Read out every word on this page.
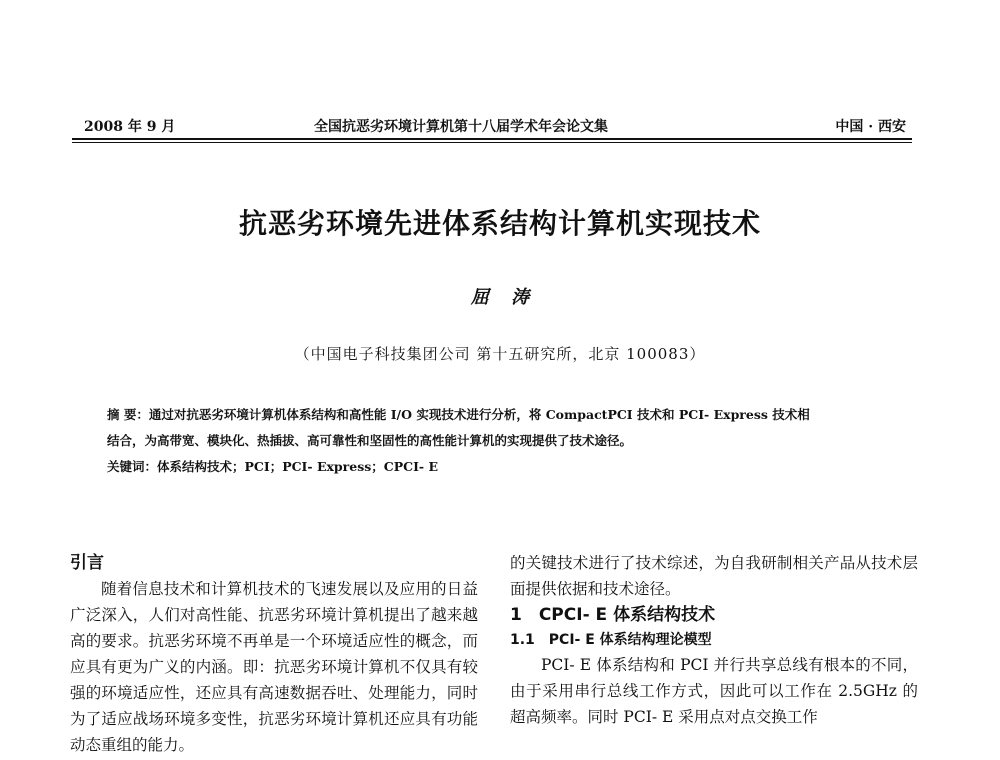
2008 年 9 月	全国抗恶劣环境计算机第十八届学术年会论文集	中国 · 西安
抗恶劣环境先进体系结构计算机实现技术
屈 涛
（中国电子科技集团公司 第十五研究所，北京 100083）

摘 要：通过对抗恶劣环境计算机体系结构和高性能 I/O 实现技术进行分析，将 CompactPCI 技术和 PCI- Express 技术相

结合，为高带宽、模块化、热插拔、高可靠性和坚固性的高性能计算机的实现提供了技术途径。

关键词：体系结构技术；PCI；PCI- Express；CPCI- E

引言

随着信息技术和计算机技术的飞速发展以及应用的日益广泛深入，人们对高性能、抗恶劣环境计算机提出了越来越高的要求。抗恶劣环境不再单是一个环境适应性的概念，而应具有更为广义的内涵。即：抗恶劣环境计算机不仅具有较强的环境适应性，还应具有高速数据吞吐、处理能力，同时为了适应战场环境多变性，抗恶劣环境计算机还应具有功能动态重组的能力。

的关键技术进行了技术综述，为自我研制相关产品从技术层面提供依据和技术途径。

1　CPCI- E 体系结构技术

1.1　PCI- E 体系结构理论模型

PCI- E 体系结构和 PCI 并行共享总线有根本的不同，由于采用串行总线工作方式，因此可以工作在 2.5GHz 的超高频率。同时 PCI- E 采用点对点交换工作
